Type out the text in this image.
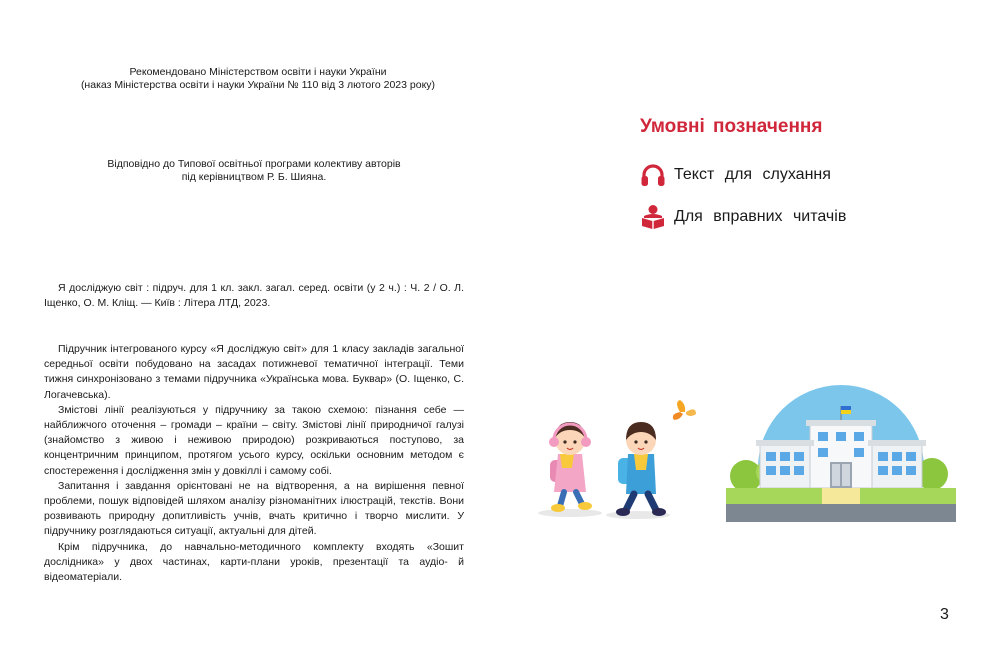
Рекомендовано Міністерством освіти і науки України
(наказ Міністерства освіти і науки України № 110 від 3 лютого 2023 року)
Відповідно до Типової освітньої програми колективу авторів
під керівництвом Р. Б. Шияна.

Я досліджую світ : підруч. для 1 кл. закл. загал. серед. освіти (у 2 ч.) : Ч. 2 / О. Л. Іщенко, О. М. Кліщ. — Київ : Літера ЛТД, 2023.

Підручник інтегрованого курсу «Я досліджую світ» для 1 класу закладів загальної середньої освіти побудовано на засадах потижневої тематичної інтеграції. Теми тижня синхронізовано з темами підручника «Українська мова. Буквар» (О. Іщенко, С. Логачевська).

Змістові лінії реалізуються у підручнику за такою схемою: пізнання себе — найближчого оточення – громади – країни – світу. Змістові лінії природничої галузі (знайомство з живою і неживою природою) розкриваються поступово, за концентричним принципом, протягом усього курсу, оскільки основним методом є спостереження і дослідження змін у довкіллі і самому собі.

Запитання і завдання орієнтовані не на відтворення, а на вирішення певної проблеми, пошук відповідей шляхом аналізу різноманітних ілюстрацій, текстів. Вони розвивають природну допитливість учнів, вчать критично і творчо мислити. У підручнику розглядаються ситуації, актуальні для дітей.

Крім підручника, до навчально-методичного комплекту входять «Зошит дослідника» у двох частинах, карти-плани уроків, презентації та аудіо- й відеоматеріали.

Умовні позначення
Текст для слухання
Для вправних читачів
3
